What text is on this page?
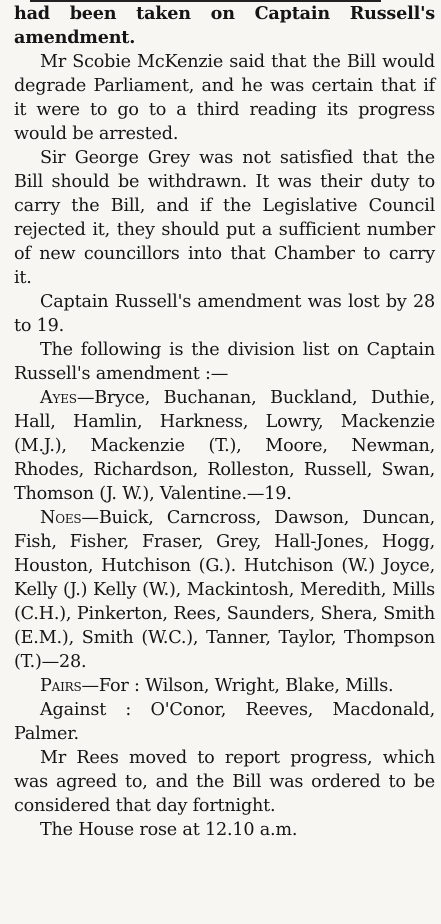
had been taken on Captain Russell's amendment.

Mr Scobie McKenzie said that the Bill would degrade Parliament, and he was certain that if it were to go to a third reading its progress would be arrested.

Sir George Grey was not satisfied that the Bill should be withdrawn. It was their duty to carry the Bill, and if the Legislative Council rejected it, they should put a sufficient number of new councillors into that Chamber to carry it.

Captain Russell's amendment was lost by 28 to 19.

The following is the division list on Captain Russell's amendment :—

Ayes—Bryce, Buchanan, Buckland, Duthie, Hall, Hamlin, Harkness, Lowry, Mackenzie (M.J.), Mackenzie (T.), Moore, Newman, Rhodes, Richardson, Rolleston, Russell, Swan, Thomson (J. W.), Valentine.—19.

Noes—Buick, Carncross, Dawson, Duncan, Fish, Fisher, Fraser, Grey, Hall-Jones, Hogg, Houston, Hutchison (G.). Hutchison (W.) Joyce, Kelly (J.) Kelly (W.), Mackintosh, Meredith, Mills (C.H.), Pinkerton, Rees, Saunders, Shera, Smith (E.M.), Smith (W.C.), Tanner, Taylor, Thompson (T.)—28.

Pairs—For : Wilson, Wright, Blake, Mills.

Against : O'Conor, Reeves, Macdonald, Palmer.

Mr Rees moved to report progress, which was agreed to, and the Bill was ordered to be considered that day fortnight.

The House rose at 12.10 a.m.
